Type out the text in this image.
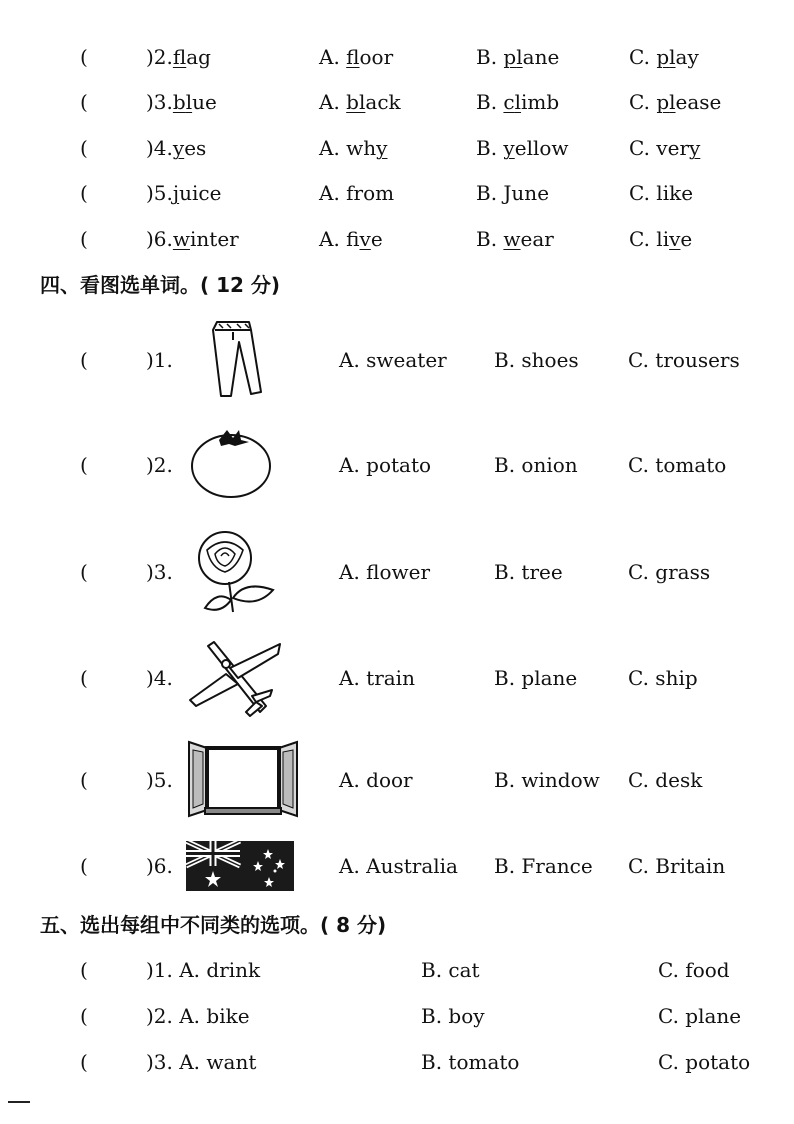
(	)2.fag	A. foor	B. plane	C. play
(	)3.blue	A. black	B. climb	C. please
(	)4.yes	A. why	B. yellow	C. very
(	)5.juice	A. from	B. June	C. like
(	)6.winter	A. five	B. wear	C. live
四、看图选单词。( 12 分)
(	)1.	A. sweater B. shoes C. trousers
(	)2.	A. potato	B. onion	C. tomato
(	)3.	A. flower	B. tree	C. grass
(	)4.	A. train	B. plane	C. ship
(	)5.	A. door	B. window C. desk
(	)6.	A. Australia B. France C. Britain
五、选出每组中不同类的选项。( 8 分)
(	)1. A. drink	B. cat	C. food
(	)2. A. bike	B. boy	C. plane
(	)3. A. want	B. tomato	C. potato
